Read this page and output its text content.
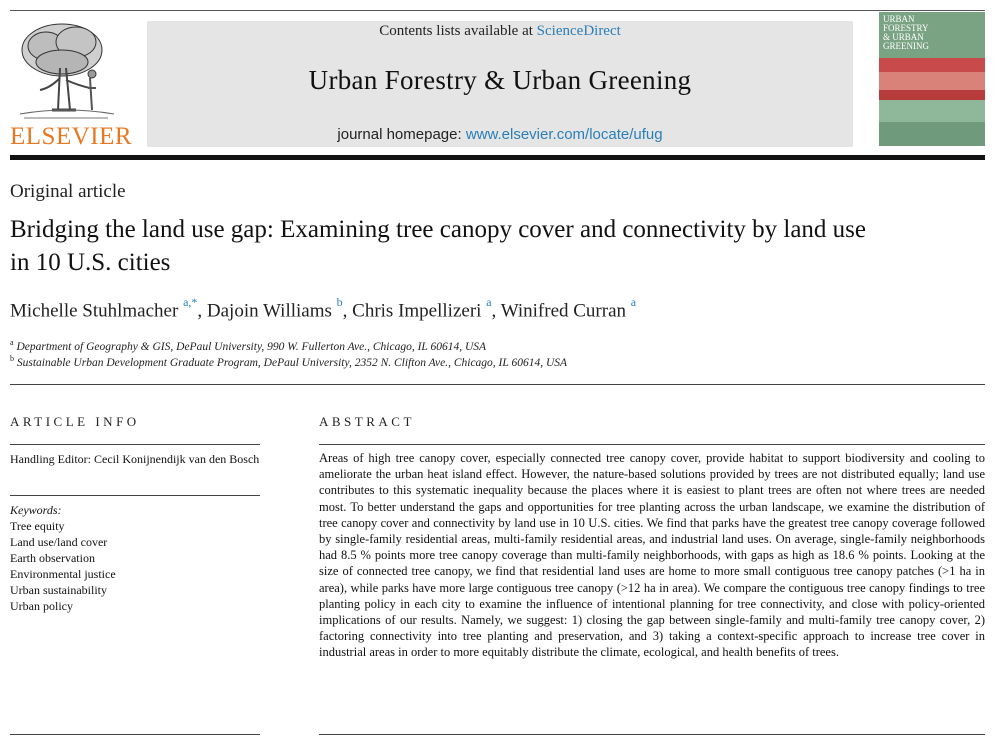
ELSEVIER
Contents lists available at ScienceDirect
Urban Forestry & Urban Greening
journal homepage: www.elsevier.com/locate/ufug
URBAN
FORESTRY
& URBAN
GREENING
Original article
Bridging the land use gap: Examining tree canopy cover and connectivity by land use in 10 U.S. cities
Michelle Stuhlmacher $^{a,*}$, Dajoin Williams $^b$, Chris Impellizeri $^a$, Winifred Curran $^a$
$^a$ Department of Geography & GIS, DePaul University, 990 W. Fullerton Ave., Chicago, IL 60614, USA
$^b$ Sustainable Urban Development Graduate Program, DePaul University, 2352 N. Clifton Ave., Chicago, IL 60614, USA
ARTICLE INFO
Handling Editor: Cecil Konijnendijk van den Bosch
Keywords:
Tree equity
Land use/land cover
Earth observation
Environmental justice
Urban sustainability
Urban policy
ABSTRACT
Areas of high tree canopy cover, especially connected tree canopy cover, provide habitat to support biodiversity and cooling to ameliorate the urban heat island effect. However, the nature-based solutions provided by trees are not distributed equally; land use contributes to this systematic inequality because the places where it is easiest to plant trees are often not where trees are needed most. To better understand the gaps and opportunities for tree planting across the urban landscape, we examine the distribution of tree canopy cover and connectivity by land use in 10 U.S. cities. We find that parks have the greatest tree canopy coverage followed by single-family residential areas, multi-family residential areas, and industrial land uses. On average, single-family neighborhoods had 8.5 % points more tree canopy coverage than multi-family neighborhoods, with gaps as high as 18.6 % points. Looking at the size of connected tree canopy, we find that residential land uses are home to more small contiguous tree canopy patches (>1 ha in area), while parks have more large contiguous tree canopy (>12 ha in area). We compare the contiguous tree canopy findings to tree planting policy in each city to examine the influence of intentional planning for tree connectivity, and close with policy-oriented implications of our results. Namely, we suggest: 1) closing the gap between single-family and multi-family tree canopy cover, 2) factoring connectivity into tree planting and preservation, and 3) taking a context-specific approach to increase tree cover in industrial areas in order to more equitably distribute the climate, ecological, and health benefits of trees.
